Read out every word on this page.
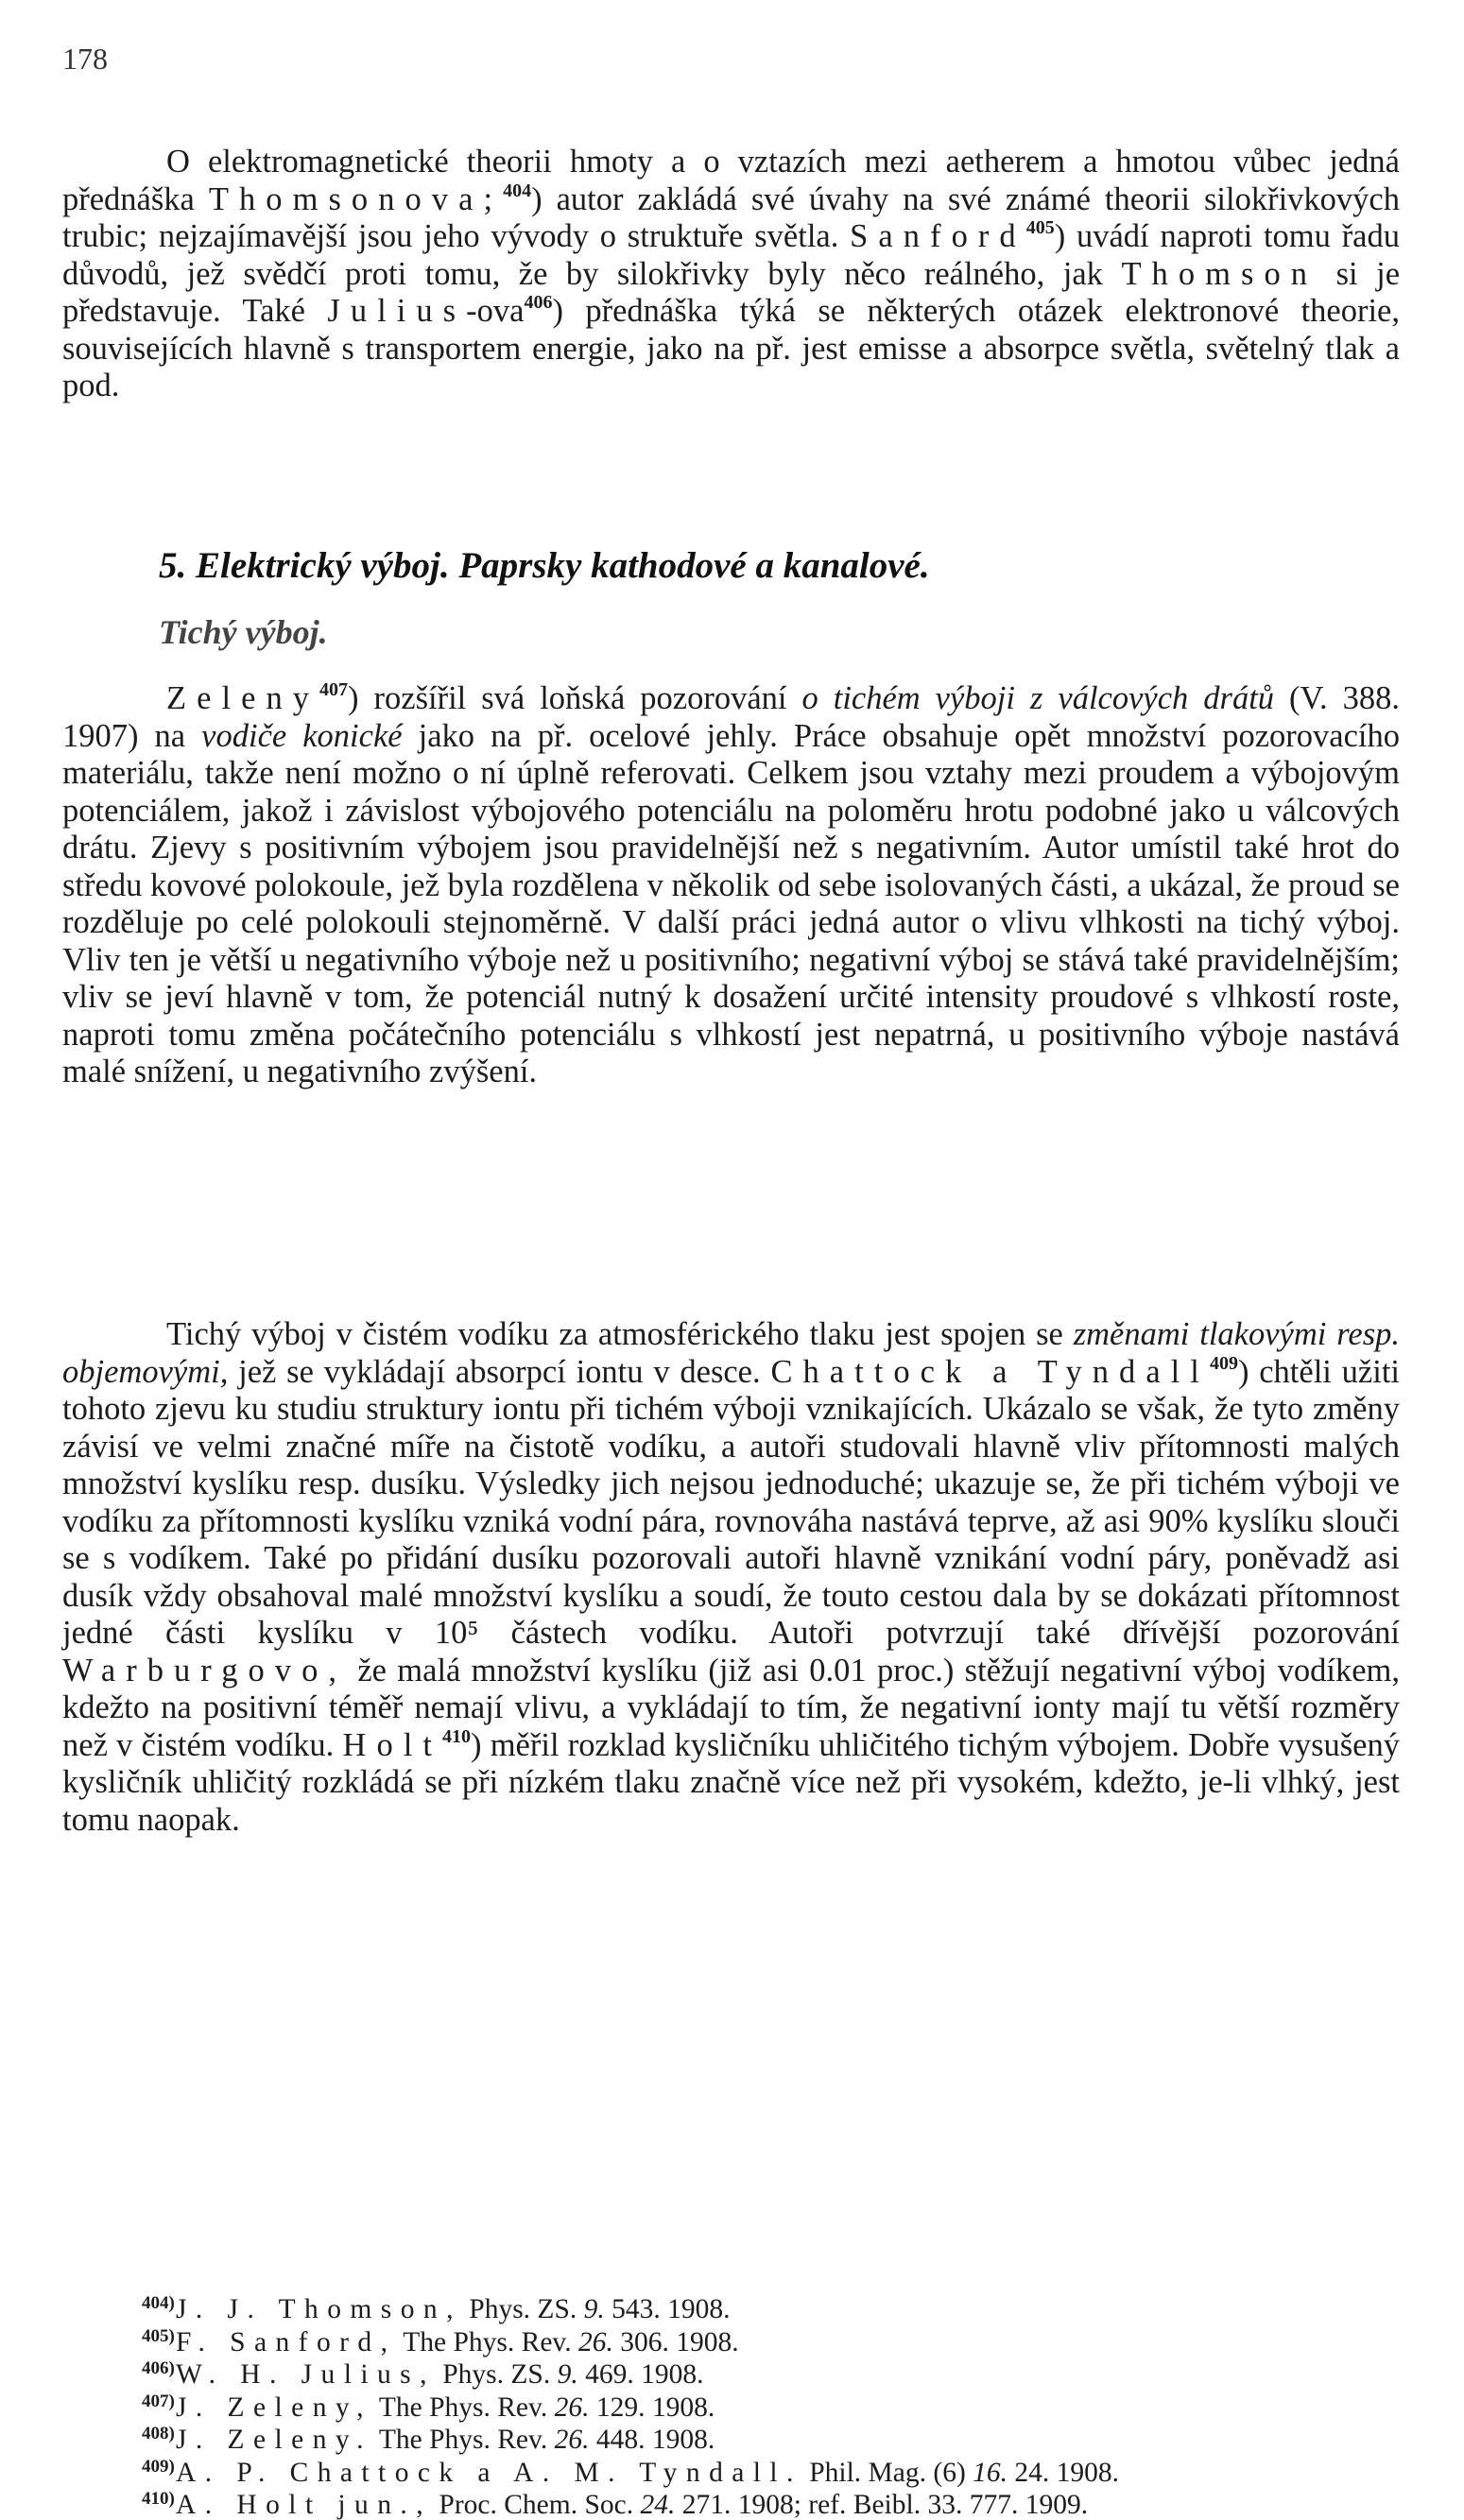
178

O elektromagnetické theorii hmoty a o vztazích mezi aetherem a hmotou vůbec jedná přednáška Thomsonova;$^{404}$) autor zakládá své úvahy na své známé theorii silokřivkových trubic; nejzajímavější jsou jeho vývody o struktuře světla. Sanford$^{405}$) uvádí naproti tomu řadu důvodů, jež svědčí proti tomu, že by silokřivky byly něco reálného, jak Thomson si je představuje. Také Julius-ova$^{406}$) přednáška týká se některých otázek elektronové theorie, souvisejících hlavně s transportem energie, jako na př. jest emisse a absorpce světla, světelný tlak a pod.

5. Elektrický výboj. Paprsky kathodové a kanalové.
Tichý výboj.

Zeleny$^{407}$) rozšířil svá loňská pozorování o tichém výboji z válcových drátů (V. 388. 1907) na vodiče konické jako na př. ocelové jehly. Práce obsahuje opět množství pozorovacího materiálu, takže není možno o ní úplně referovati. Celkem jsou vztahy mezi proudem a výbojovým potenciálem, jakož i závislost výbojového potenciálu na poloměru hrotu podobné jako u válcových drátu. Zjevy s positivním výbojem jsou pravidelnější než s negativním. Autor umístil také hrot do středu kovové polokoule, jež byla rozdělena v několik od sebe isolovaných části, a ukázal, že proud se rozděluje po celé polokouli stejnoměrně. V další práci jedná autor o vlivu vlhkosti na tichý výboj. Vliv ten je větší u negativního výboje než u positivního; negativní výboj se stává také pravidelnějším; vliv se jeví hlavně v tom, že potenciál nutný k dosažení určité intensity proudové s vlhkostí roste, naproti tomu změna počátečního potenciálu s vlhkostí jest nepatrná, u positivního výboje nastává malé snížení, u negativního zvýšení.

Tichý výboj v čistém vodíku za atmosférického tlaku jest spojen se změnami tlakovými resp. objemovými, jež se vykládají absorpcí iontu v desce. Chattock a Tyndall$^{409}$) chtěli užiti tohoto zjevu ku studiu struktury iontu při tichém výboji vznikajících. Ukázalo se však, že tyto změny závisí ve velmi značné míře na čistotě vodíku, a autoři studovali hlavně vliv přítomnosti malých množství kyslíku resp. dusíku. Výsledky jich nejsou jednoduché; ukazuje se, že při tichém výboji ve vodíku za přítomnosti kyslíku vzniká vodní pára, rovnováha nastává teprve, až asi 90% kyslíku slouči se s vodíkem. Také po přidání dusíku pozorovali autoři hlavně vznikání vodní páry, poněvadž asi dusík vždy obsahoval malé množství kyslíku a soudí, že touto cestou dala by se dokázati přítomnost jedné části kyslíku v 10⁵ částech vodíku. Autoři potvrzují také dřívější pozorování Warburgovo, že malá množství kyslíku (již asi 0.01 proc.) stěžují negativní výboj vodíkem, kdežto na positivní téměř nemají vlivu, a vykládají to tím, že negativní ionty mají tu větší rozměry než v čistém vodíku. Holt$^{410}$) měřil rozklad kysličníku uhličitého tichým výbojem. Dobře vysušený kysličník uhličitý rozkládá se při nízkém tlaku značně více než při vysokém, kdežto, je-li vlhký, jest tomu naopak.

404)J. J. Thomson, Phys. ZS. 9. 543. 1908.
405)F. Sanford, The Phys. Rev. 26. 306. 1908.
406)W. H. Julius, Phys. ZS. 9. 469. 1908.
407)J. Zeleny, The Phys. Rev. 26. 129. 1908.
408)J. Zeleny. The Phys. Rev. 26. 448. 1908.
409)A. P. Chattock a A. M. Tyndall. Phil. Mag. (6) 16. 24. 1908.
410)A. Holt jun., Proc. Chem. Soc. 24. 271. 1908; ref. Beibl. 33. 777. 1909.
